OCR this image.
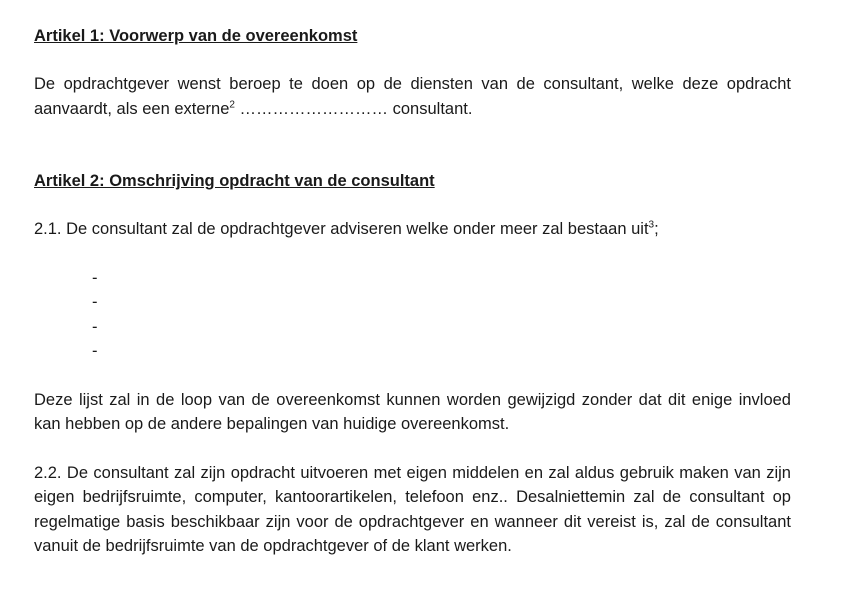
Artikel 1: Voorwerp van de overeenkomst

De opdrachtgever wenst beroep te doen op de diensten van de consultant, welke deze opdracht aanvaardt, als een externe$^2$ ……………………… consultant.

Artikel 2: Omschrijving opdracht van de consultant

2.1. De consultant zal de opdrachtgever adviseren welke onder meer zal bestaan uit$^3$;

-
-
-
-

Deze lijst zal in de loop van de overeenkomst kunnen worden gewijzigd zonder dat dit enige invloed kan hebben op de andere bepalingen van huidige overeenkomst.

2.2. De consultant zal zijn opdracht uitvoeren met eigen middelen en zal aldus gebruik maken van zijn eigen bedrijfsruimte, computer, kantoorartikelen, telefoon enz.. Desalniettemin zal de consultant op regelmatige basis beschikbaar zijn voor de opdrachtgever en wanneer dit vereist is, zal de consultant vanuit de bedrijfsruimte van de opdrachtgever of de klant werken.
